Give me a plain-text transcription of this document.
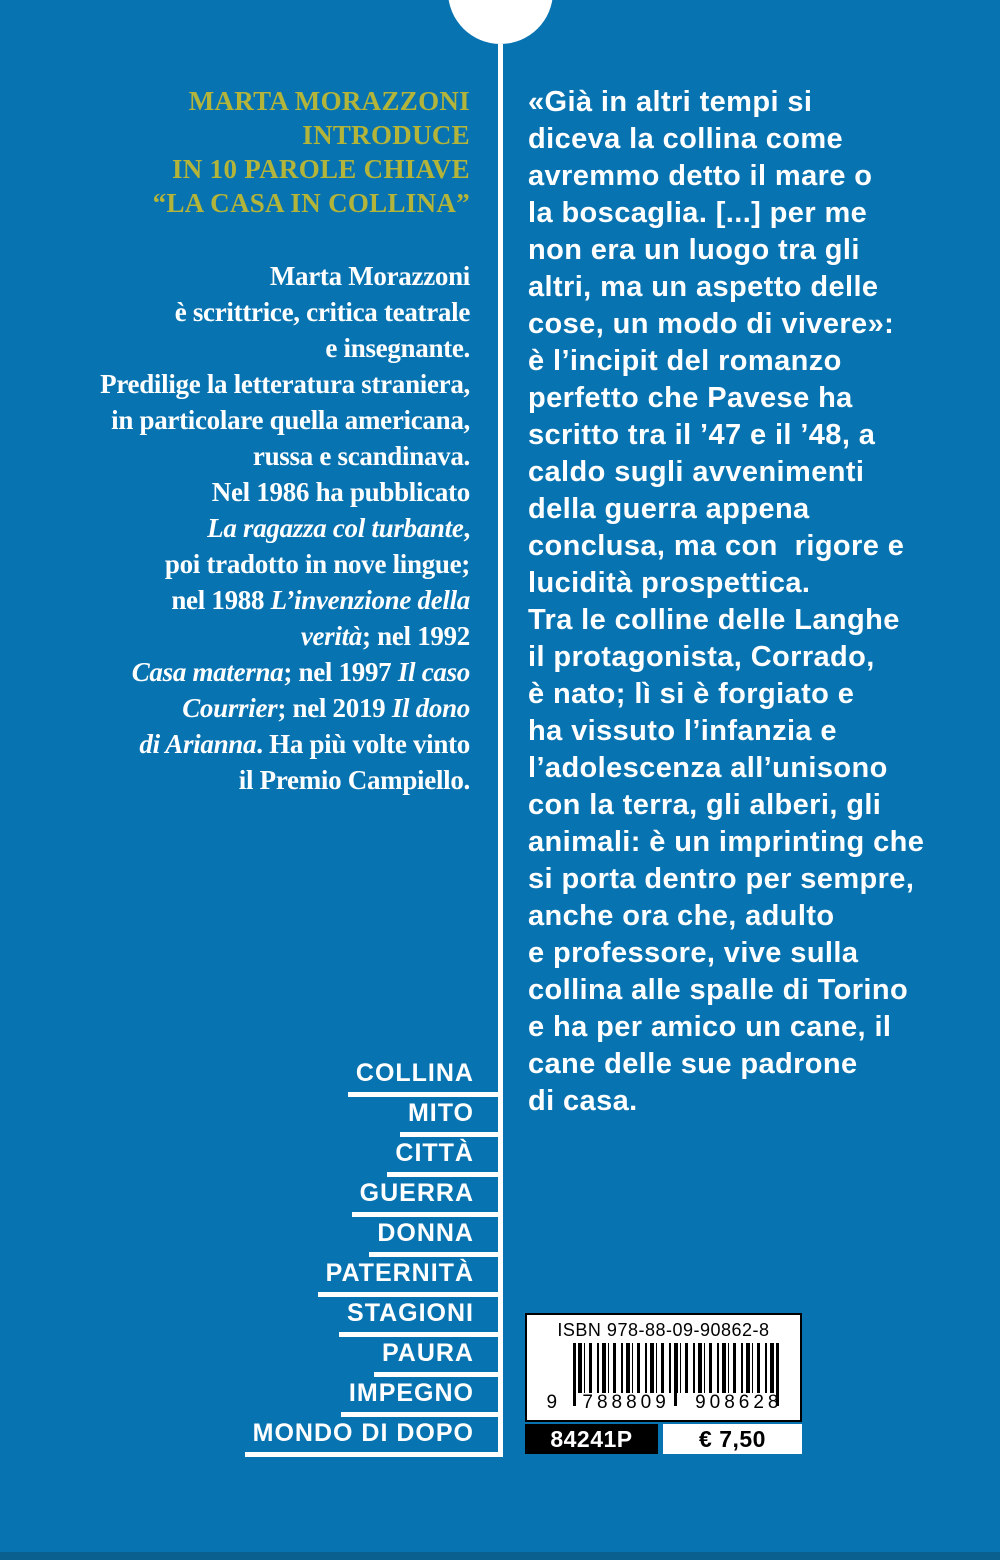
MARTA MORAZZONI
INTRODUCE
IN 10 PAROLE CHIAVE
“LA CASA IN COLLINA”
Marta Morazzoni
è scrittrice, critica teatrale
e insegnante.
Predilige la letteratura straniera,
in particolare quella americana,
russa e scandinava.
Nel 1986 ha pubblicato
La ragazza col turbante,
poi tradotto in nove lingue;
nel 1988 L’invenzione della
verità; nel 1992
Casa materna; nel 1997 Il caso
Courrier; nel 2019 Il dono
di Arianna. Ha più volte vinto
il Premio Campiello.
«Già in altri tempi si
diceva la collina come
avremmo detto il mare o
la boscaglia. [...] per me
non era un luogo tra gli
altri, ma un aspetto delle
cose, un modo di vivere»:
è l’incipit del romanzo
perfetto che Pavese ha
scritto tra il ’47 e il ’48, a
caldo sugli avvenimenti
della guerra appena
conclusa, ma con  rigore e
lucidità prospettica.
Tra le colline delle Langhe
il protagonista, Corrado,
è nato; lì si è forgiato e
ha vissuto l’infanzia e
l’adolescenza all’unisono
con la terra, gli alberi, gli
animali: è un imprinting che
si porta dentro per sempre,
anche ora che, adulto
e professore, vive sulla
collina alle spalle di Torino
e ha per amico un cane, il
cane delle sue padrone
di casa.
COLLINA
MITO
CITTÀ
GUERRA
DONNA
PATERNITÀ
STAGIONI
PAURA
IMPEGNO
MONDO DI DOPO
ISBN 978-88-09-90862-8
9 788809 908628
84241P	€ 7,50
